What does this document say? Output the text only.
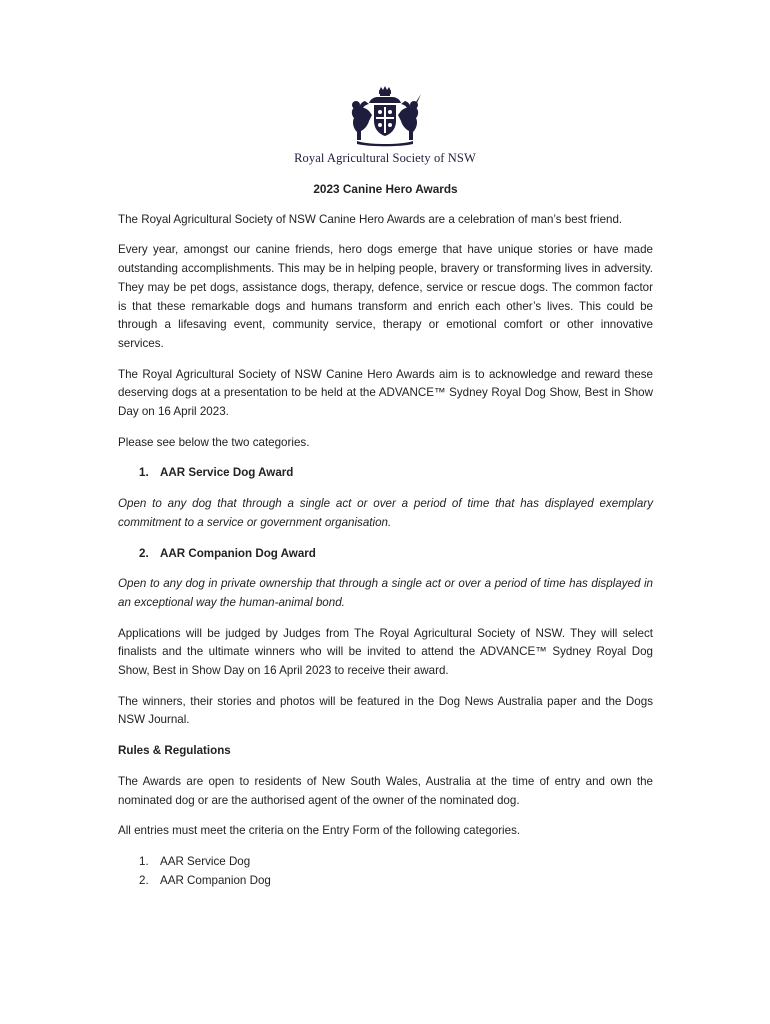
Royal Agricultural Society of NSW
2023 Canine Hero Awards

The Royal Agricultural Society of NSW Canine Hero Awards are a celebration of man’s best friend.

Every year, amongst our canine friends, hero dogs emerge that have unique stories or have made outstanding accomplishments. This may be in helping people, bravery or transforming lives in adversity. They may be pet dogs, assistance dogs, therapy, defence, service or rescue dogs. The common factor is that these remarkable dogs and humans transform and enrich each other’s lives. This could be through a lifesaving event, community service, therapy or emotional comfort or other innovative services.

The Royal Agricultural Society of NSW Canine Hero Awards aim is to acknowledge and reward these deserving dogs at a presentation to be held at the ADVANCE™ Sydney Royal Dog Show, Best in Show Day on 16 April 2023.

Please see below the two categories.

1. AAR Service Dog Award

Open to any dog that through a single act or over a period of time that has displayed exemplary commitment to a service or government organisation.

2. AAR Companion Dog Award

Open to any dog in private ownership that through a single act or over a period of time has displayed in an exceptional way the human-animal bond.

Applications will be judged by Judges from The Royal Agricultural Society of NSW. They will select finalists and the ultimate winners who will be invited to attend the ADVANCE™ Sydney Royal Dog Show, Best in Show Day on 16 April 2023 to receive their award.

The winners, their stories and photos will be featured in the Dog News Australia paper and the Dogs NSW Journal.

Rules & Regulations

The Awards are open to residents of New South Wales, Australia at the time of entry and own the nominated dog or are the authorised agent of the owner of the nominated dog.

All entries must meet the criteria on the Entry Form of the following categories.

1. AAR Service Dog
2. AAR Companion Dog
